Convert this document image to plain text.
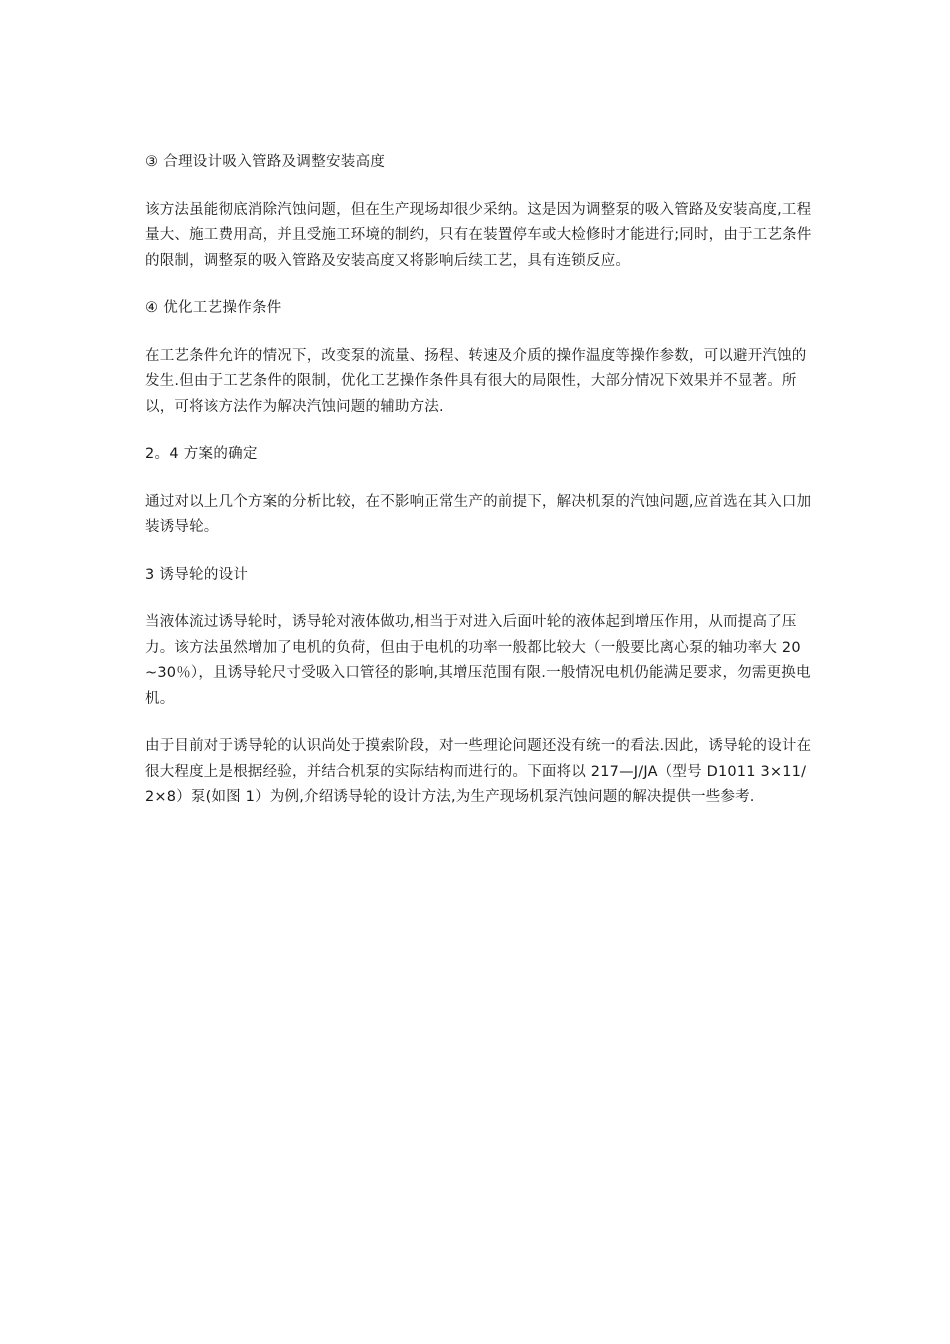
③ 合理设计吸入管路及调整安装高度

该方法虽能彻底消除汽蚀问题，但在生产现场却很少采纳。这是因为调整泵的吸入管路及安装高度,工程量大、施工费用高，并且受施工环境的制约，只有在装置停车或大检修时才能进行;同时，由于工艺条件的限制，调整泵的吸入管路及安装高度又将影响后续工艺，具有连锁反应。

④ 优化工艺操作条件

在工艺条件允许的情况下，改变泵的流量、扬程、转速及介质的操作温度等操作参数，可以避开汽蚀的发生.但由于工艺条件的限制，优化工艺操作条件具有很大的局限性，大部分情况下效果并不显著。所以，可将该方法作为解决汽蚀问题的辅助方法.

2。4 方案的确定

通过对以上几个方案的分析比较，在不影响正常生产的前提下，解决机泵的汽蚀问题,应首选在其入口加装诱导轮。

3 诱导轮的设计

当液体流过诱导轮时，诱导轮对液体做功,相当于对进入后面叶轮的液体起到增压作用，从而提高了压力。该方法虽然增加了电机的负荷，但由于电机的功率一般都比较大（一般要比离心泵的轴功率大 20~30％），且诱导轮尺寸受吸入口管径的影响,其增压范围有限.一般情况电机仍能满足要求，勿需更换电机。

由于目前对于诱导轮的认识尚处于摸索阶段，对一些理论问题还没有统一的看法.因此，诱导轮的设计在很大程度上是根据经验，并结合机泵的实际结构而进行的。下面将以 217—J/JA（型号 D1011 3×11/2×8）泵(如图 1）为例,介绍诱导轮的设计方法,为生产现场机泵汽蚀问题的解决提供一些参考.
